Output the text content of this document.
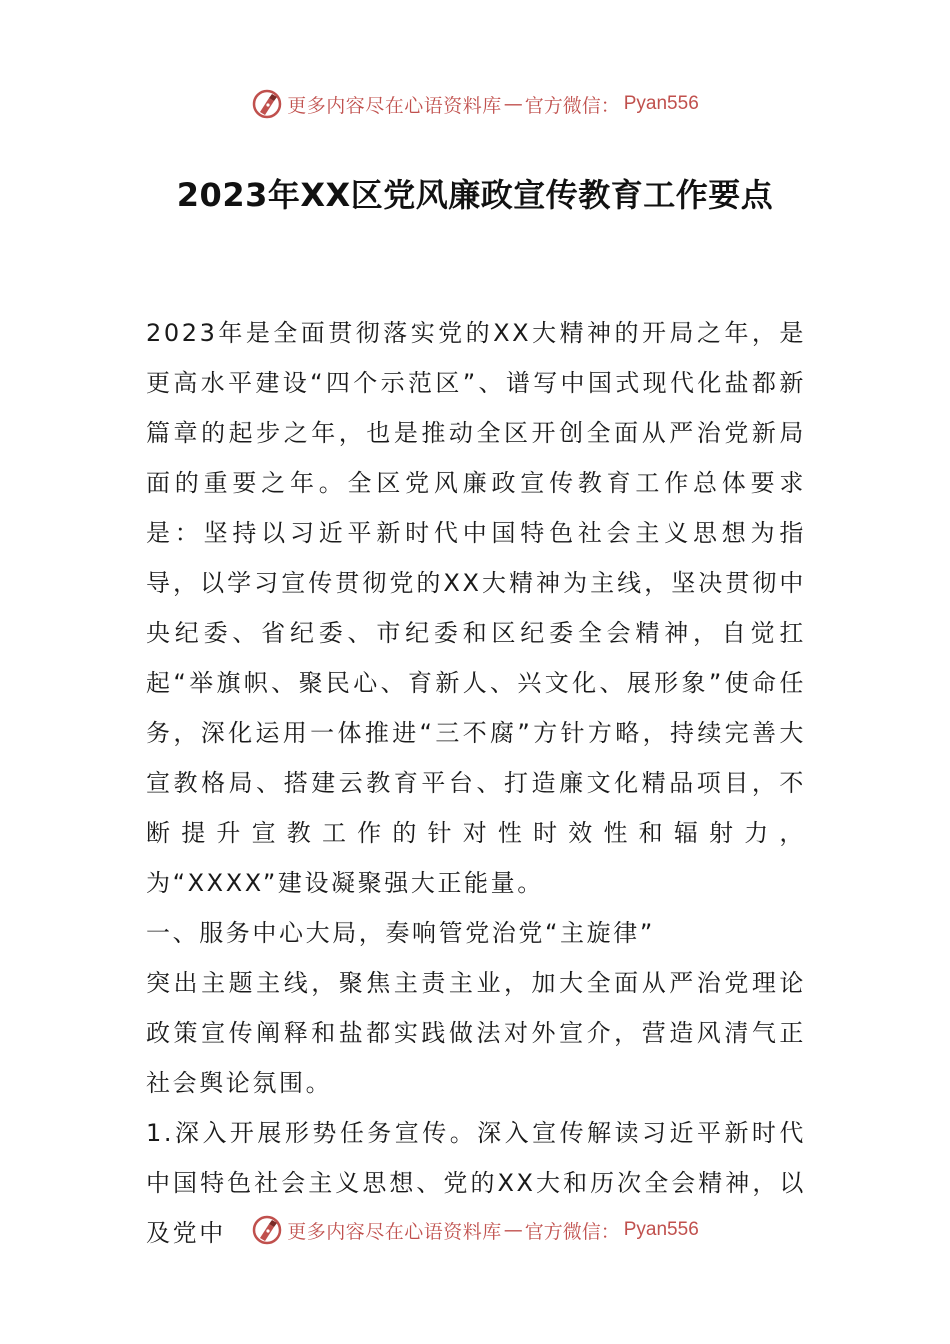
更多内容尽在心语资料库 — 官方微信： Pyan556
2023年XX区党风廉政宣传教育工作要点

2023年是全面贯彻落实党的XX大精神的开局之年，是更高水平建设“四个示范区”、谱写中国式现代化盐都新篇章的起步之年，也是推动全区开创全面从严治党新局面的重要之年。全区党风廉政宣传教育工作总体要求是：坚持以习近平新时代中国特色社会主义思想为指导，以学习宣传贯彻党的XX大精神为主线，坚决贯彻中央纪委、省纪委、市纪委和区纪委全会精神，自觉扛起“举旗帜、聚民心、育新人、兴文化、展形象”使命任务，深化运用一体推进“三不腐”方针方略，持续完善大宣教格局、搭建云教育平台、打造廉文化精品项目，不断提升宣教工作的针对性时效性和辐射力，为“XXXX”建设凝聚强大正能量。

一、服务中心大局，奏响管党治党“主旋律”

突出主题主线，聚焦主责主业，加大全面从严治党理论政策宣传阐释和盐都实践做法对外宣介，营造风清气正社会舆论氛围。

1.深入开展形势任务宣传。深入宣传解读习近平新时代中国特色社会主义思想、党的XX大和历次全会精神，以及党中	更多内容尽在心语资料库 — 官方微信： Pyan556
